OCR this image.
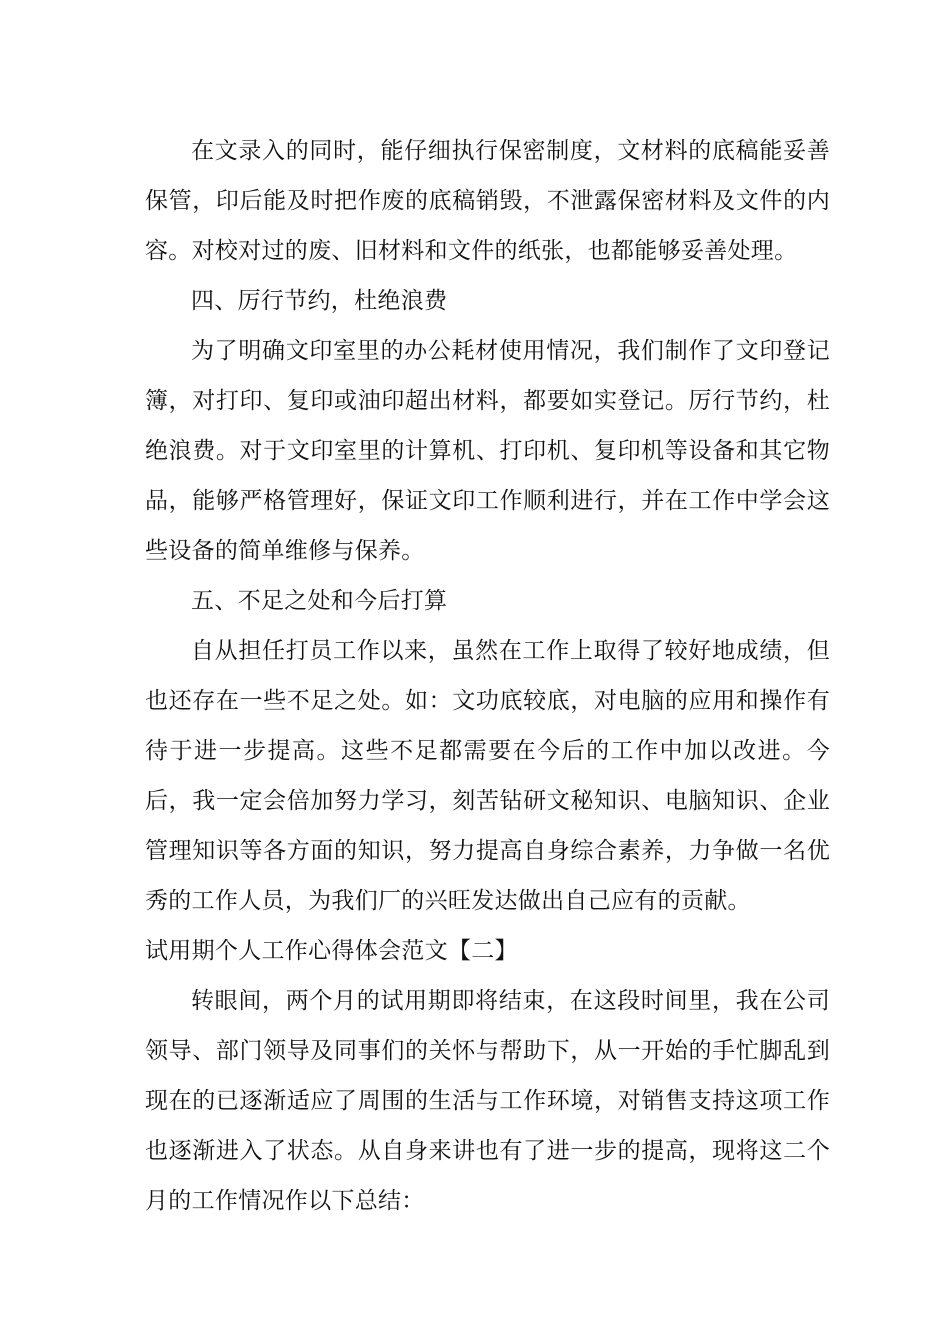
在文录入的同时，能仔细执行保密制度，文材料的底稿能妥善保管，印后能及时把作废的底稿销毁，不泄露保密材料及文件的内容。对校对过的废、旧材料和文件的纸张，也都能够妥善处理。

四、厉行节约，杜绝浪费

为了明确文印室里的办公耗材使用情况，我们制作了文印登记簿，对打印、复印或油印超出材料，都要如实登记。厉行节约，杜绝浪费。对于文印室里的计算机、打印机、复印机等设备和其它物品，能够严格管理好，保证文印工作顺利进行，并在工作中学会这些设备的简单维修与保养。

五、不足之处和今后打算

自从担任打员工作以来，虽然在工作上取得了较好地成绩，但也还存在一些不足之处。如：文功底较底，对电脑的应用和操作有待于进一步提高。这些不足都需要在今后的工作中加以改进。今后，我一定会倍加努力学习，刻苦钻研文秘知识、电脑知识、企业管理知识等各方面的知识，努力提高自身综合素养，力争做一名优秀的工作人员，为我们厂的兴旺发达做出自己应有的贡献。

试用期个人工作心得体会范文【二】

转眼间，两个月的试用期即将结束，在这段时间里，我在公司领导、部门领导及同事们的关怀与帮助下，从一开始的手忙脚乱到现在的已逐渐适应了周围的生活与工作环境，对销售支持这项工作也逐渐进入了状态。从自身来讲也有了进一步的提高，现将这二个月的工作情况作以下总结：
